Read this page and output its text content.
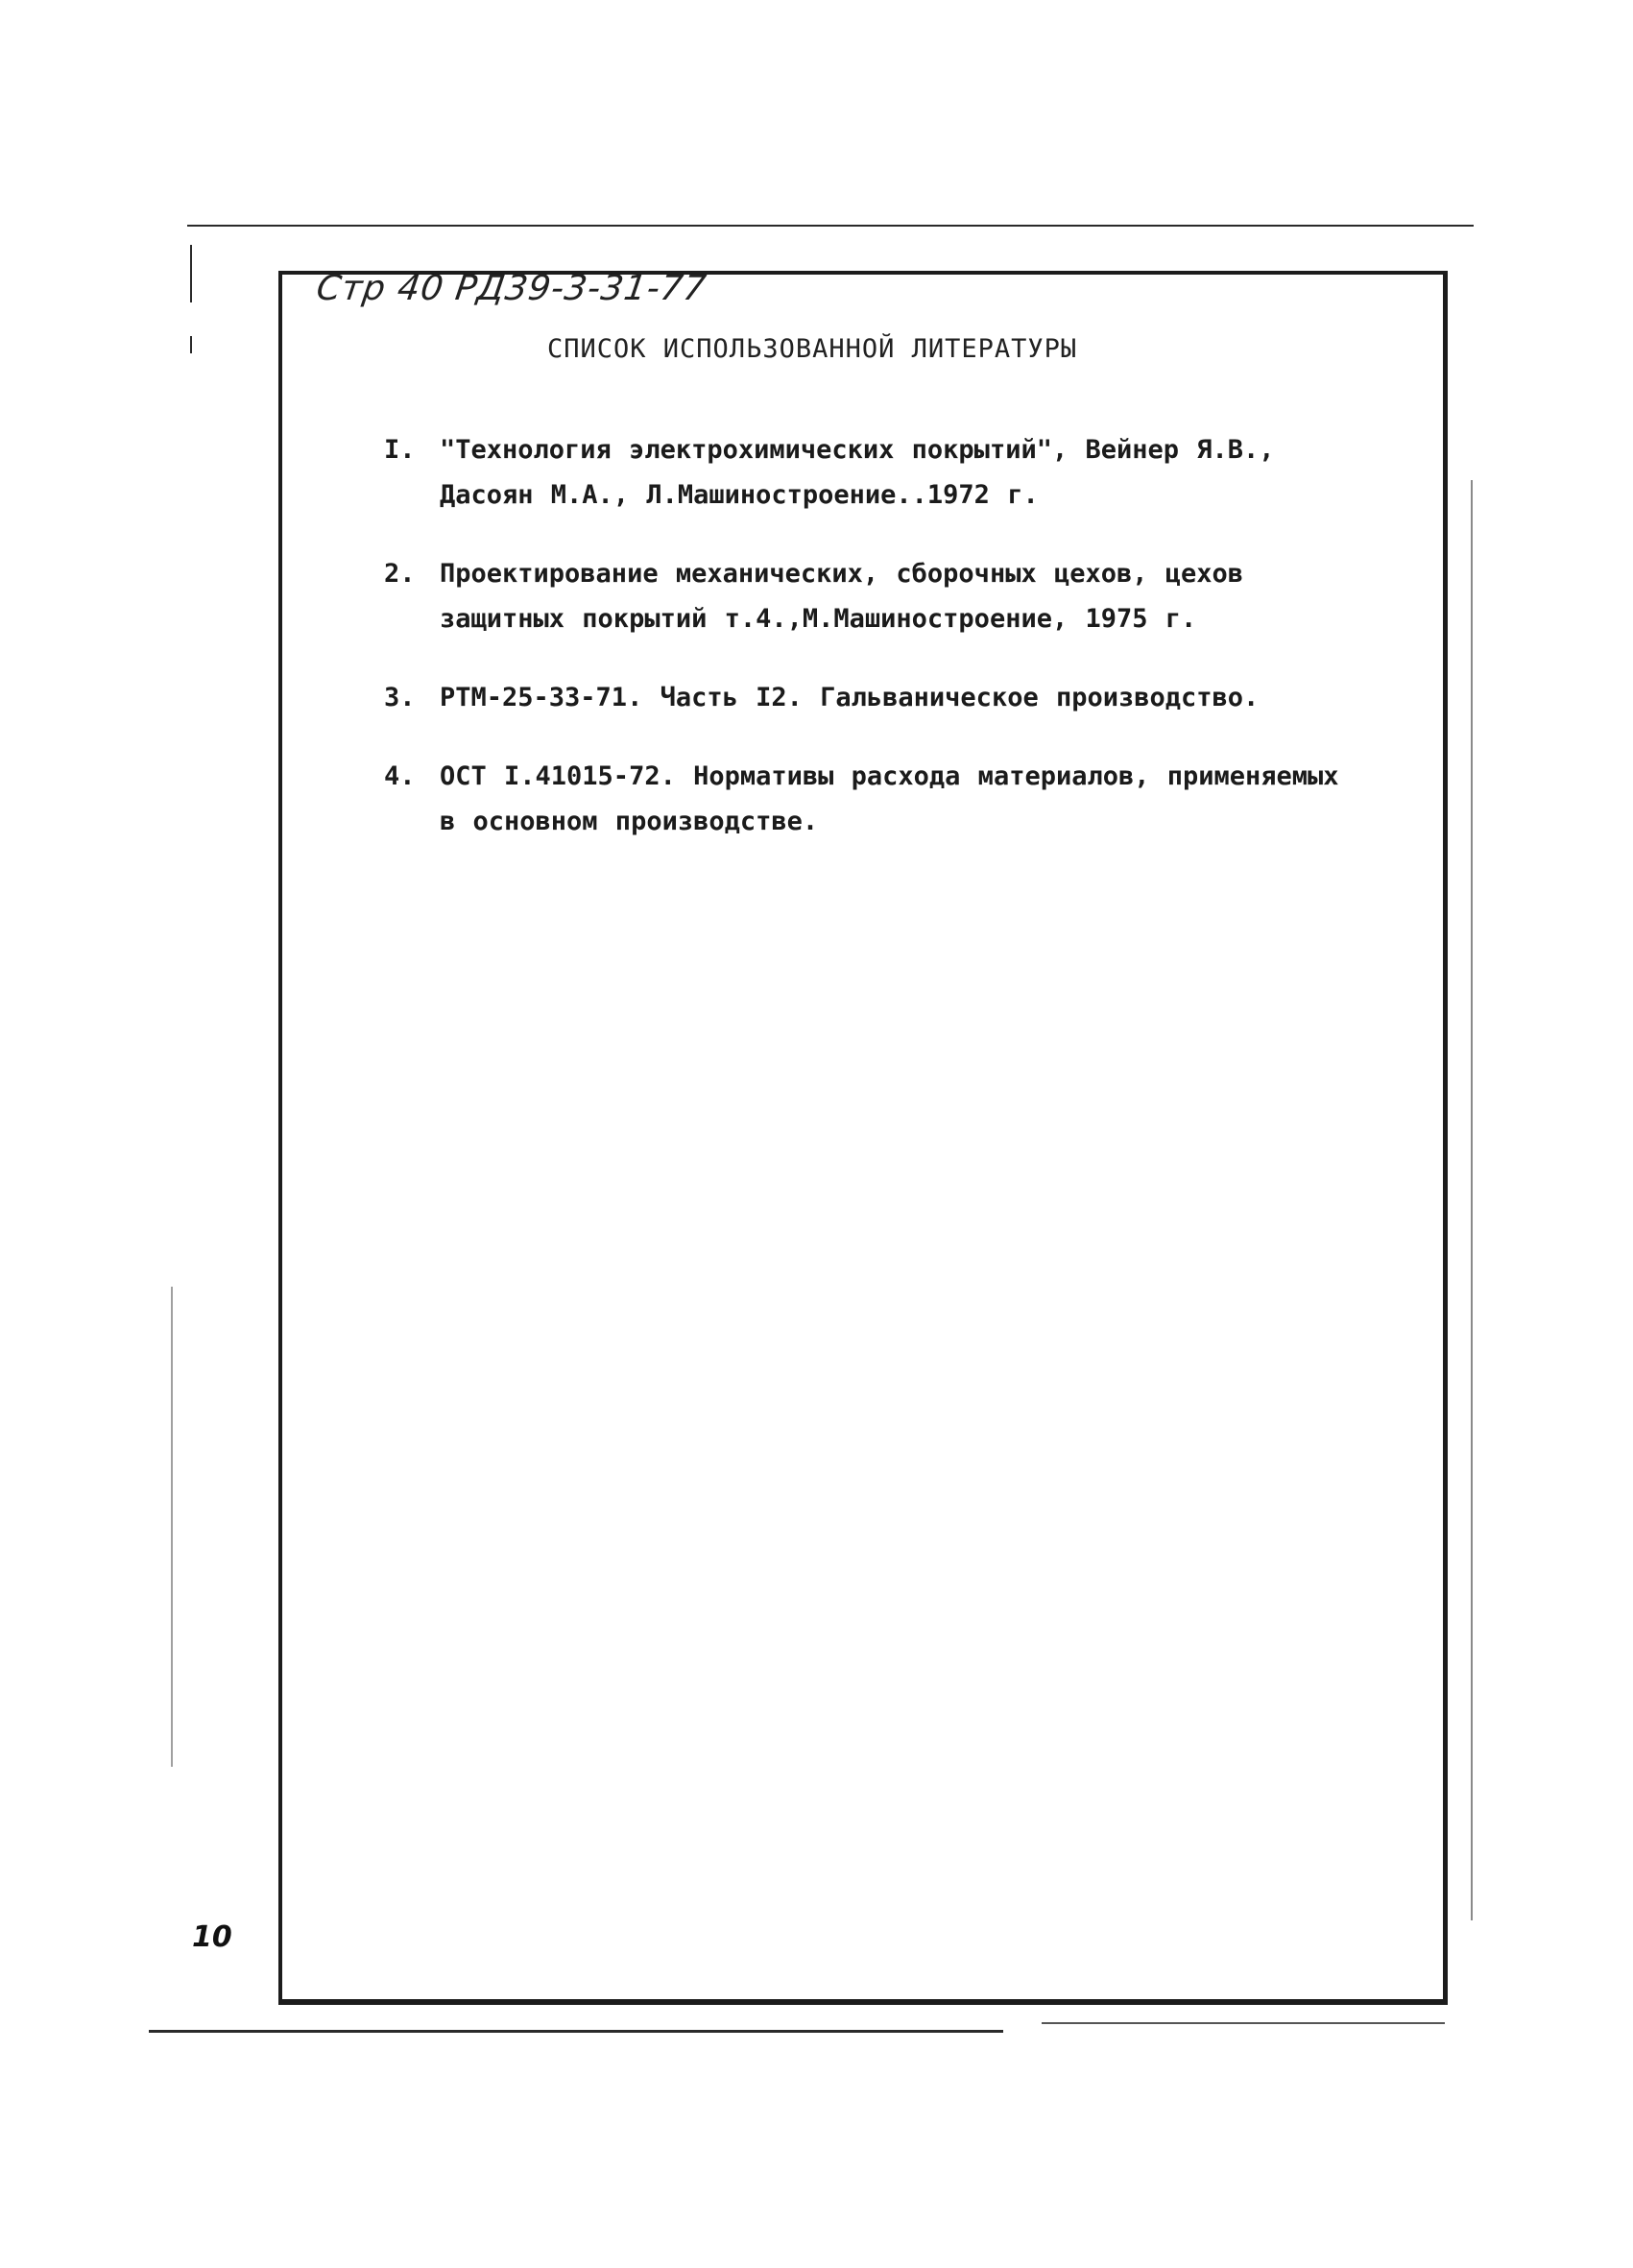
Стр 40 РД39-3-31-77
СПИСОК ИСПОЛЬЗОВАННОЙ ЛИТЕРАТУРЫ
I. "Технология электрохимических покрытий", Вейнер Я.В.,
Дасоян М.А., Л.Машиностроение..1972 г.
2. Проектирование механических, сборочных цехов, цехов
защитных покрытий т.4.,М.Машиностроение, 1975 г.
3. РТМ-25-33-71. Часть I2. Гальваническое производство.
4. ОСТ I.41015-72. Нормативы расхода материалов, применяемых
в основном производстве.
10
